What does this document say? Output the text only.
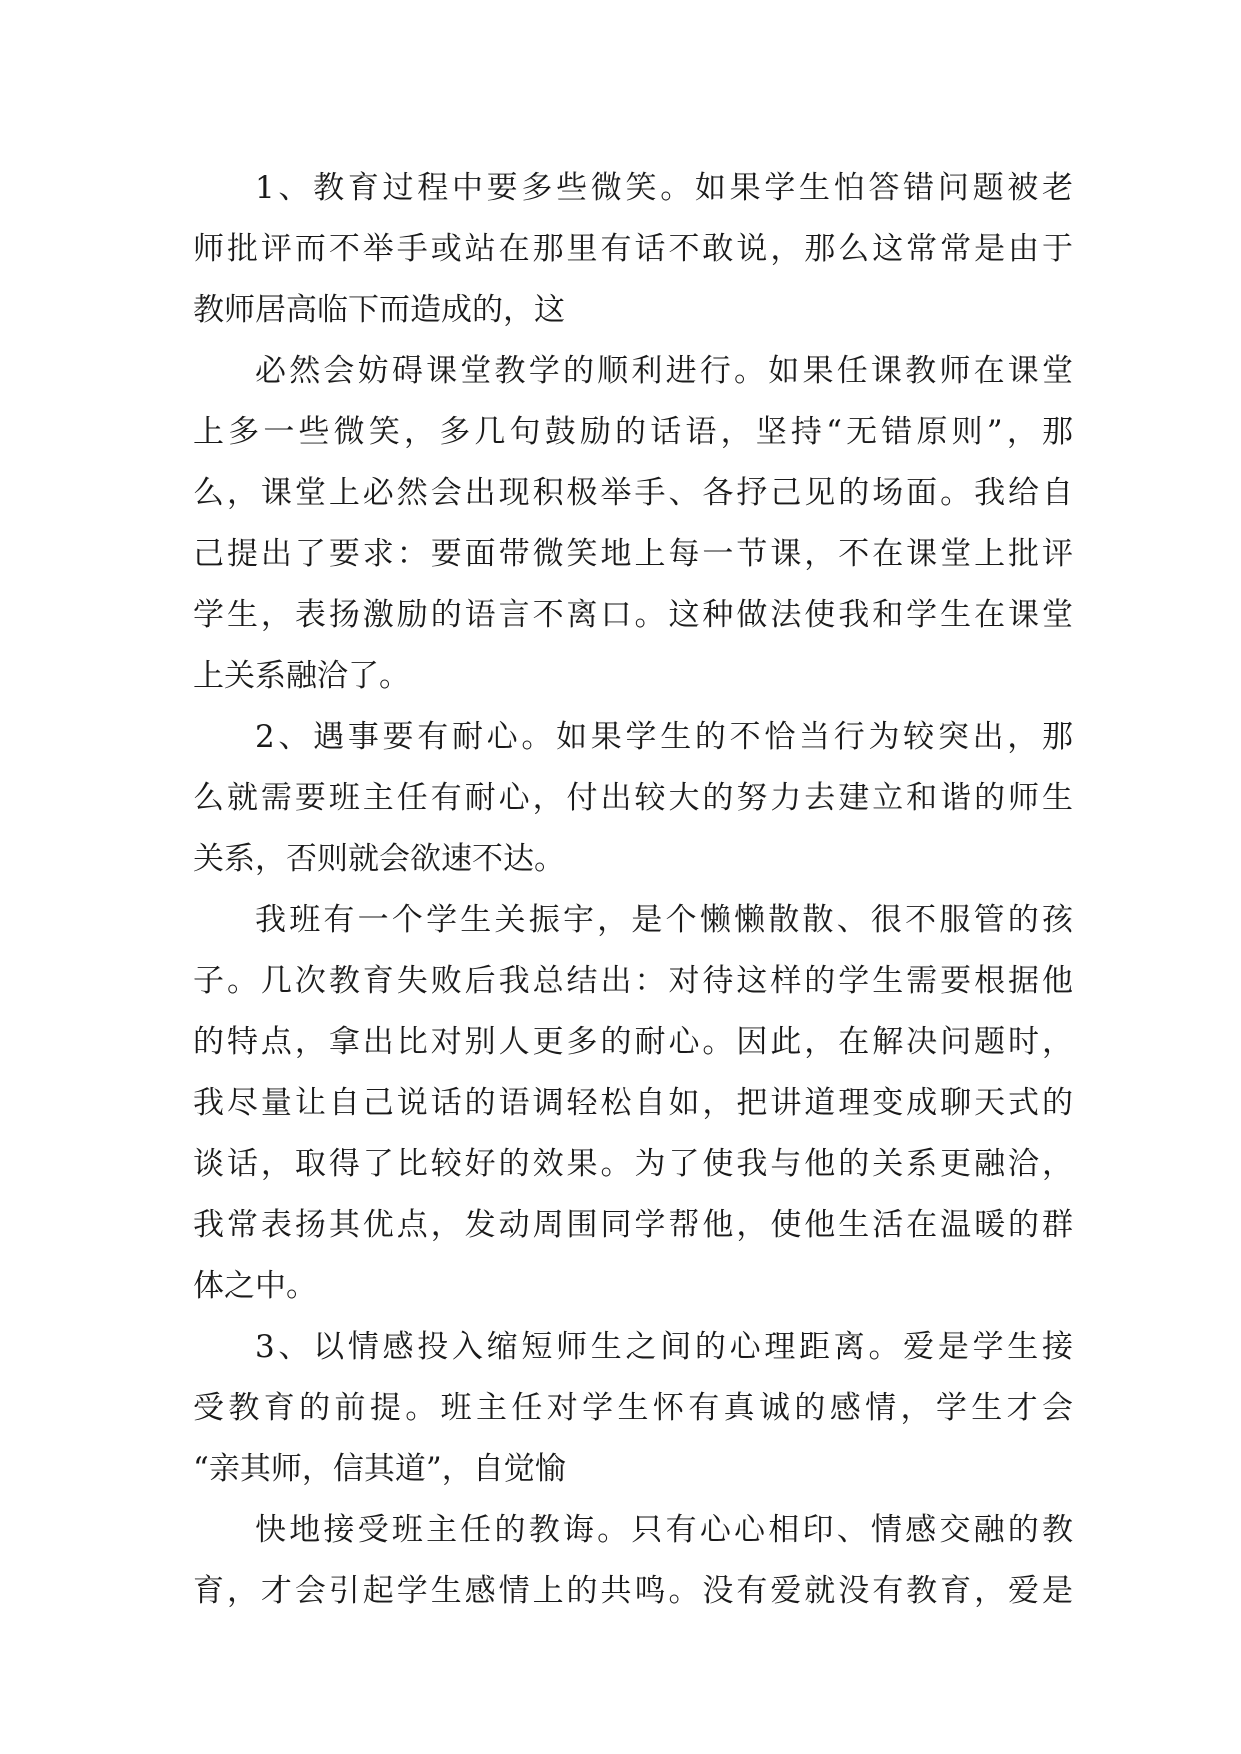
1、教育过程中要多些微笑。如果学生怕答错问题被老
师批评而不举手或站在那里有话不敢说，那么这常常是由于
教师居高临下而造成的，这
必然会妨碍课堂教学的顺利进行。如果任课教师在课堂
上多一些微笑，多几句鼓励的话语，坚持“无错原则”，那
么，课堂上必然会出现积极举手、各抒己见的场面。我给自
己提出了要求：要面带微笑地上每一节课，不在课堂上批评
学生，表扬激励的语言不离口。这种做法使我和学生在课堂
上关系融洽了。
2、遇事要有耐心。如果学生的不恰当行为较突出，那
么就需要班主任有耐心，付出较大的努力去建立和谐的师生
关系，否则就会欲速不达。
我班有一个学生关振宇，是个懒懒散散、很不服管的孩
子。几次教育失败后我总结出：对待这样的学生需要根据他
的特点，拿出比对别人更多的耐心。因此，在解决问题时，
我尽量让自己说话的语调轻松自如，把讲道理变成聊天式的
谈话，取得了比较好的效果。为了使我与他的关系更融洽，
我常表扬其优点，发动周围同学帮他，使他生活在温暖的群
体之中。
3、以情感投入缩短师生之间的心理距离。爱是学生接
受教育的前提。班主任对学生怀有真诚的感情，学生才会
“亲其师，信其道”，自觉愉
快地接受班主任的教诲。只有心心相印、情感交融的教
育，才会引起学生感情上的共鸣。没有爱就没有教育，爱是
